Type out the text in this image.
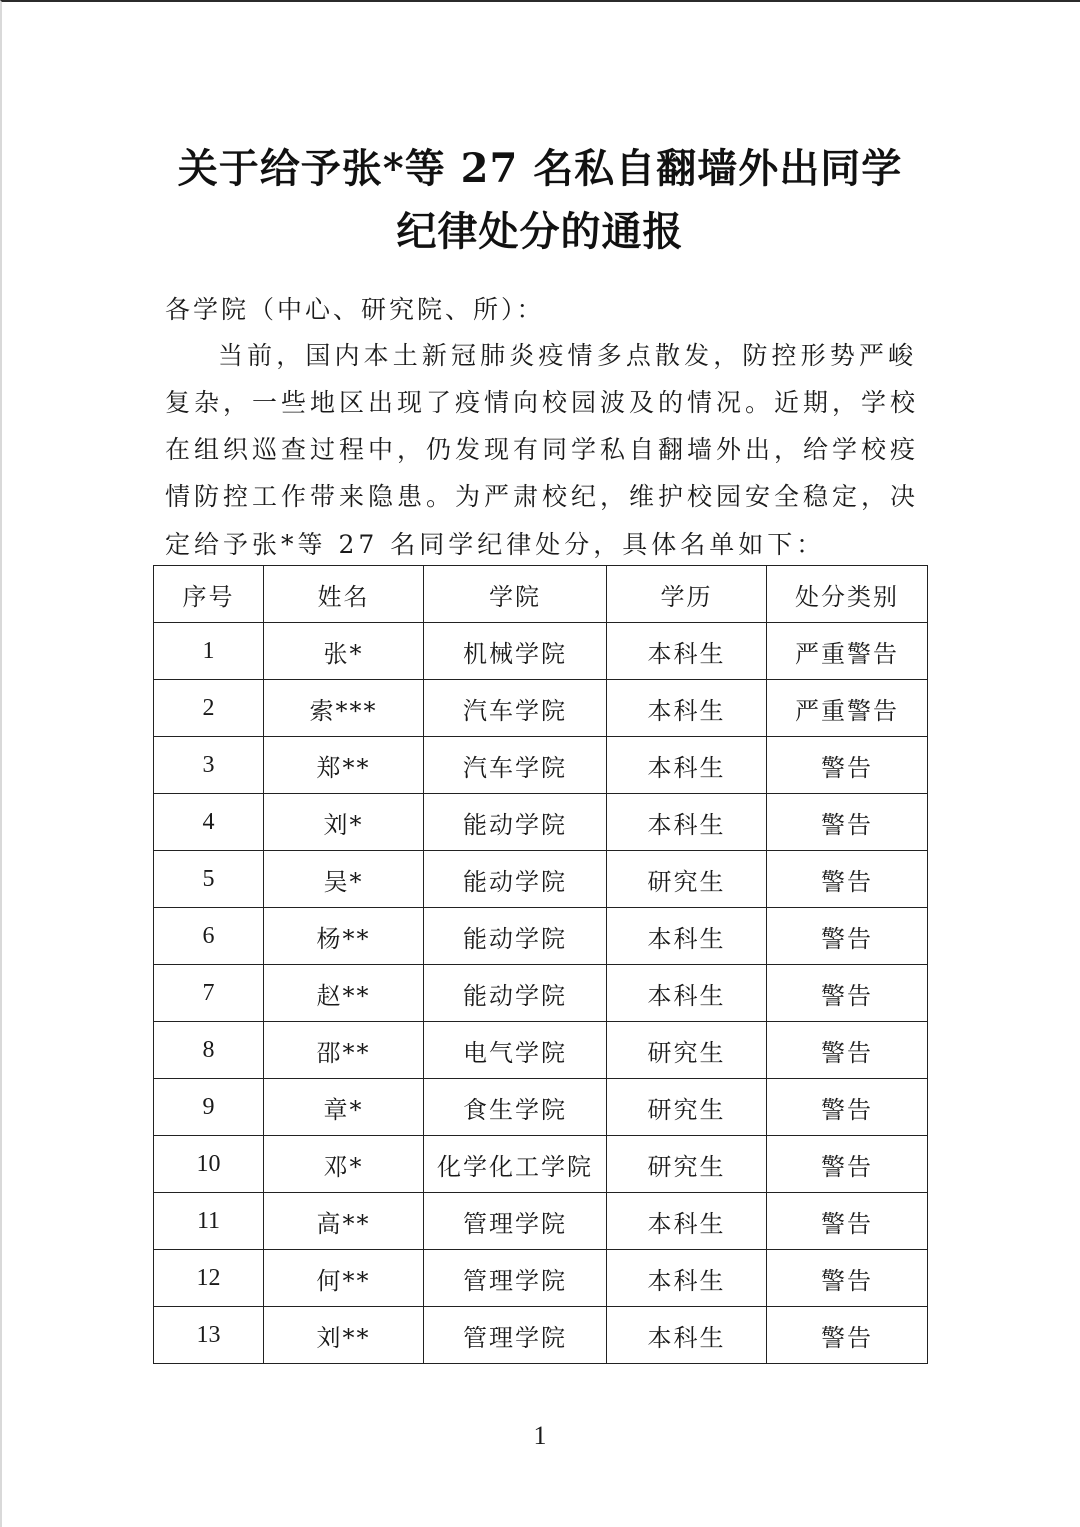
关于给予张*等 27 名私自翻墙外出同学
纪律处分的通报
各学院（中心、研究院、所）：
当前，国内本土新冠肺炎疫情多点散发，防控形势严峻
复杂，一些地区出现了疫情向校园波及的情况。近期，学校
在组织巡查过程中，仍发现有同学私自翻墙外出，给学校疫
情防控工作带来隐患。为严肃校纪，维护校园安全稳定，决
定给予张*等 27 名同学纪律处分，具体名单如下：
序号	姓名	学院	学历	处分类别
1	张*	机械学院	本科生	严重警告
2	索***	汽车学院	本科生	严重警告
3	郑**	汽车学院	本科生	警告
4	刘*	能动学院	本科生	警告
5	吴*	能动学院	研究生	警告
6	杨**	能动学院	本科生	警告
7	赵**	能动学院	本科生	警告
8	邵**	电气学院	研究生	警告
9	章*	食生学院	研究生	警告
10	邓*	化学化工学院	研究生	警告
11	高**	管理学院	本科生	警告
12	何**	管理学院	本科生	警告
13	刘**	管理学院	本科生	警告
1
